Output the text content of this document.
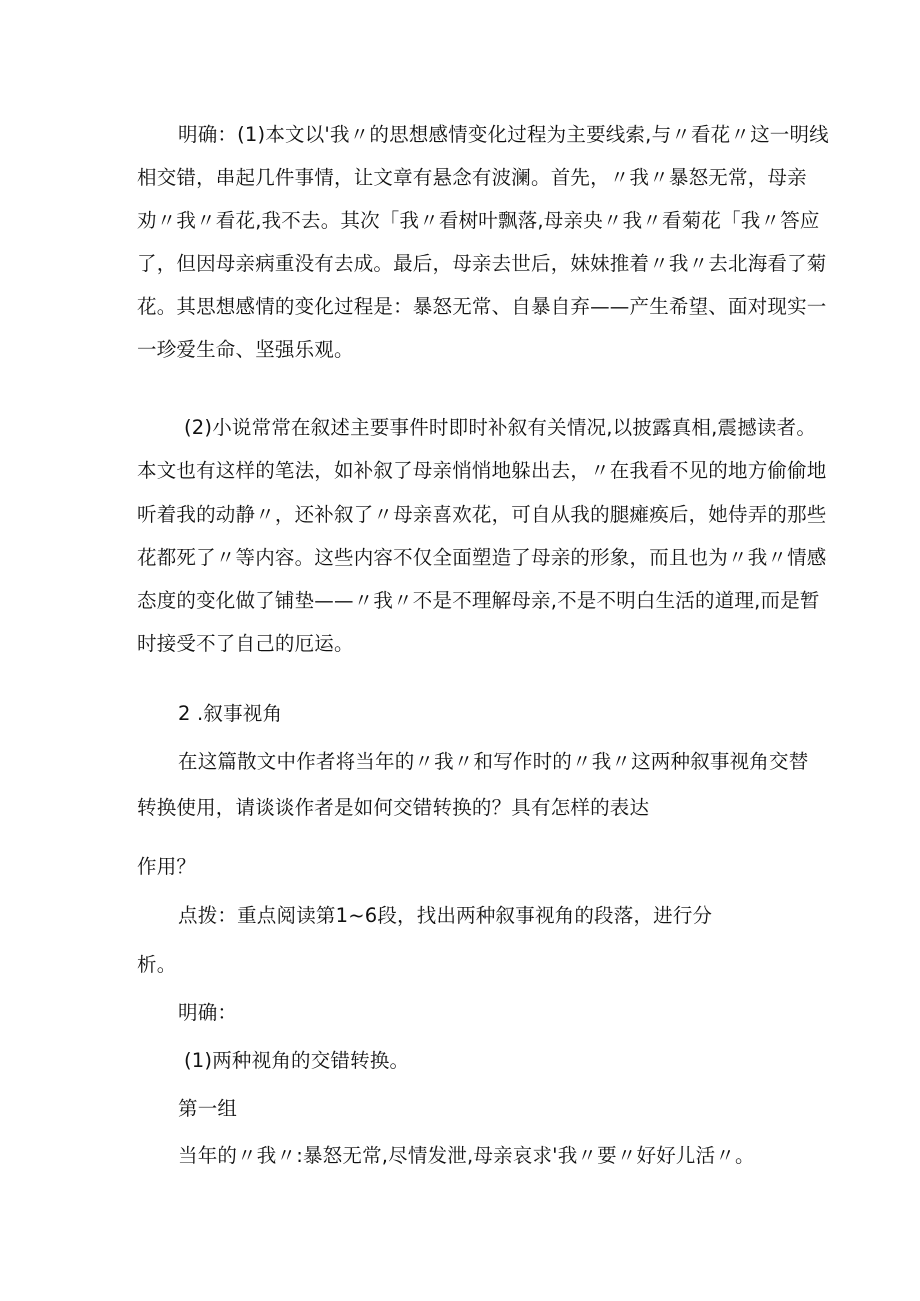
明确：(1)本文以'我〃的思想感情变化过程为主要线索,与〃看花〃这一明线

相交错，串起几件事情，让文章有悬念有波澜。首先，〃我〃暴怒无常，母亲

劝〃我〃看花,我不去。其次「我〃看树叶飘落,母亲央〃我〃看菊花「我〃答应

了，但因母亲病重没有去成。最后，母亲去世后，妹妹推着〃我〃去北海看了菊

花。其思想感情的变化过程是：暴怒无常、自暴自弃——产生希望、面对现实一

一珍爱生命、坚强乐观。

(2)小说常常在叙述主要事件时即时补叙有关情况,以披露真相,震撼读者。

本文也有这样的笔法，如补叙了母亲悄悄地躲出去，〃在我看不见的地方偷偷地

听着我的动静〃，还补叙了〃母亲喜欢花，可自从我的腿瘫痪后，她侍弄的那些

花都死了〃等内容。这些内容不仅全面塑造了母亲的形象，而且也为〃我〃情感

态度的变化做了铺垫——〃我〃不是不理解母亲,不是不明白生活的道理,而是暂

时接受不了自己的厄运。

2 .叙事视角

在这篇散文中作者将当年的〃我〃和写作时的〃我〃这两种叙事视角交替

转换使用，请谈谈作者是如何交错转换的？具有怎样的表达

作用？

点拨：重点阅读第1~6段，找出两种叙事视角的段落，进行分

析。

明确：

(1)两种视角的交错转换。

第一组

当年的〃我〃:暴怒无常,尽情发泄,母亲哀求'我〃要〃好好儿活〃。
